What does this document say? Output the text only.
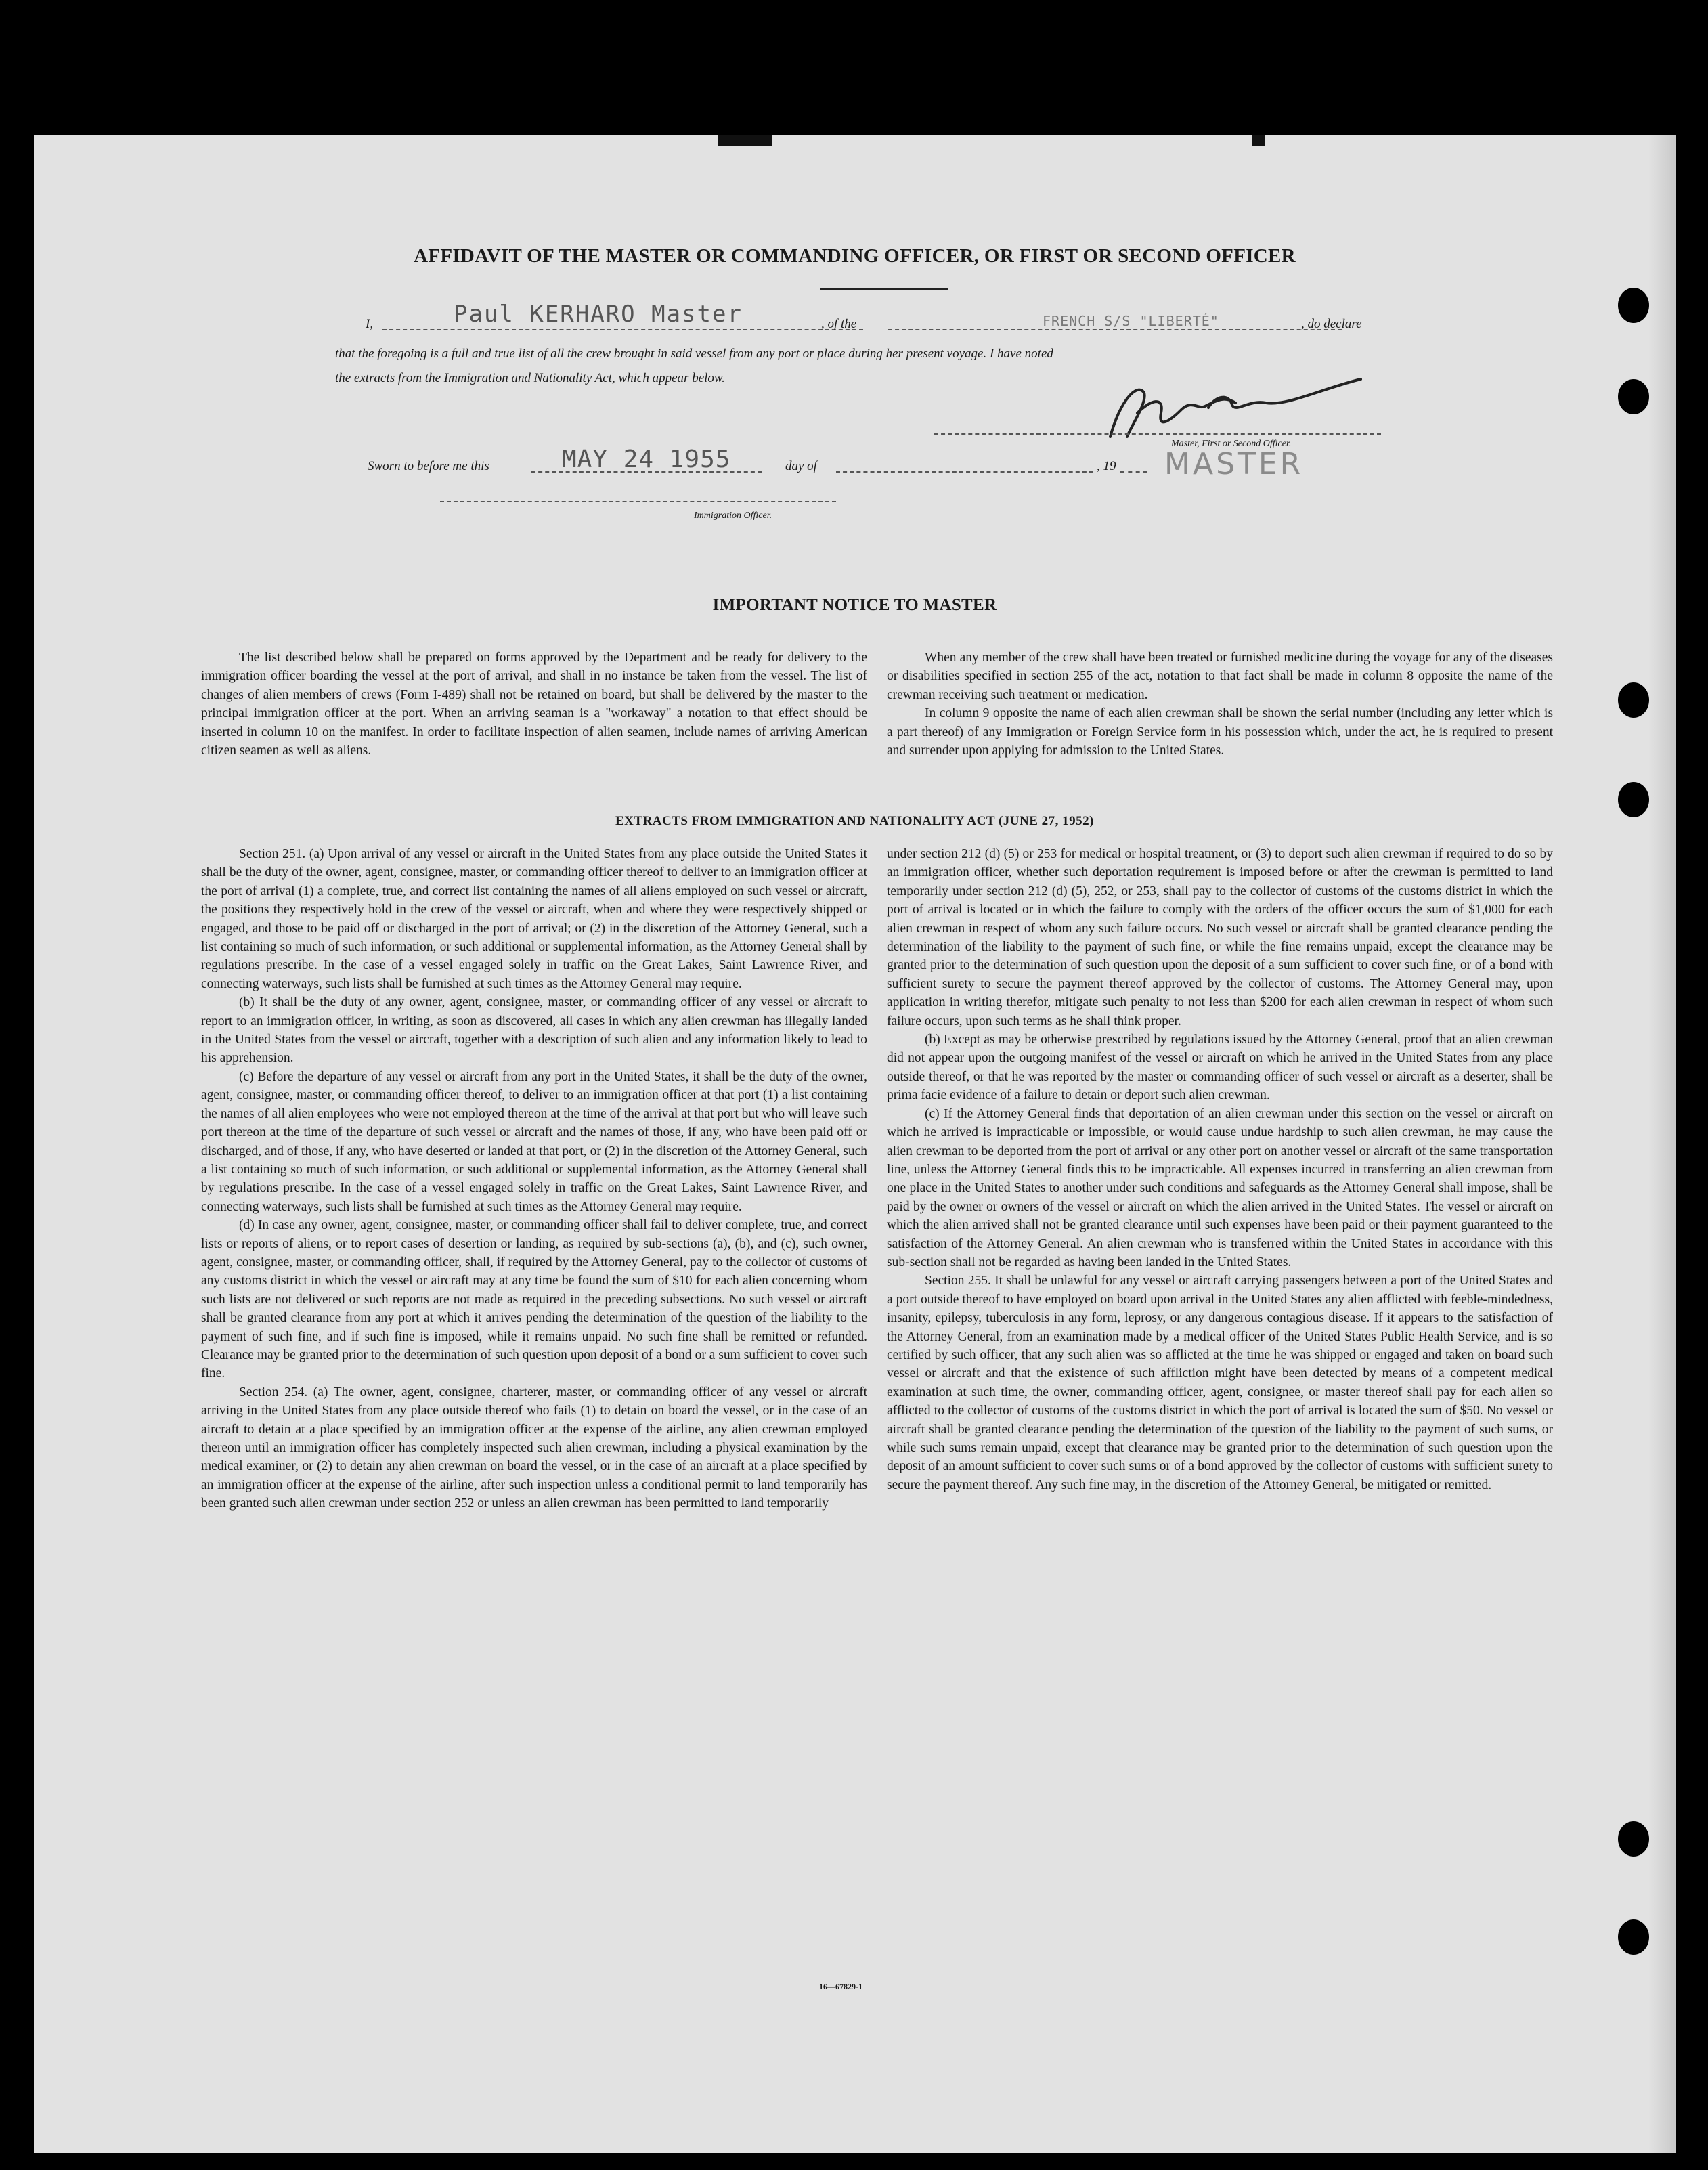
AFFIDAVIT OF THE MASTER OR COMMANDING OFFICER, OR FIRST OR SECOND OFFICER
I,	Paul KERHARO Master	, of the	FRENCH S/S "LIBERTÉ"	, do declare
that the foregoing is a full and true list of all the crew brought in said vessel from any port or place during her present voyage. I have noted
the extracts from the Immigration and Nationality Act, which appear below.
Master, First or Second Officer.
MASTER
Sworn to before me this	MAY 24 1955	day of	, 19
Immigration Officer.
IMPORTANT NOTICE TO MASTER

The list described below shall be prepared on forms approved by the Department and be ready for delivery to the immigration officer boarding the vessel at the port of arrival, and shall in no instance be taken from the vessel. The list of changes of alien members of crews (Form I-489) shall not be retained on board, but shall be delivered by the master to the principal immigration officer at the port. When an arriving seaman is a "workaway" a notation to that effect should be inserted in column 10 on the manifest. In order to facilitate inspection of alien seamen, include names of arriving American citizen seamen as well as aliens.

When any member of the crew shall have been treated or furnished medicine during the voyage for any of the diseases or disabilities specified in section 255 of the act, notation to that fact shall be made in column 8 opposite the name of the crewman receiving such treatment or medication.

In column 9 opposite the name of each alien crewman shall be shown the serial number (including any letter which is a part thereof) of any Immigration or Foreign Service form in his possession which, under the act, he is required to present and surrender upon applying for admission to the United States.

EXTRACTS FROM IMMIGRATION AND NATIONALITY ACT (JUNE 27, 1952)

Section 251. (a) Upon arrival of any vessel or aircraft in the United States from any place outside the United States it shall be the duty of the owner, agent, consignee, master, or commanding officer thereof to deliver to an immigration officer at the port of arrival (1) a complete, true, and correct list containing the names of all aliens employed on such vessel or aircraft, the positions they respectively hold in the crew of the vessel or aircraft, when and where they were respectively shipped or engaged, and those to be paid off or discharged in the port of arrival; or (2) in the discretion of the Attorney General, such a list containing so much of such information, or such additional or supplemental information, as the Attorney General shall by regulations prescribe. In the case of a vessel engaged solely in traffic on the Great Lakes, Saint Lawrence River, and connecting waterways, such lists shall be furnished at such times as the Attorney General may require.

(b) It shall be the duty of any owner, agent, consignee, master, or commanding officer of any vessel or aircraft to report to an immigration officer, in writing, as soon as discovered, all cases in which any alien crewman has illegally landed in the United States from the vessel or aircraft, together with a description of such alien and any information likely to lead to his apprehension.

(c) Before the departure of any vessel or aircraft from any port in the United States, it shall be the duty of the owner, agent, consignee, master, or commanding officer thereof, to deliver to an immigration officer at that port (1) a list containing the names of all alien employees who were not employed thereon at the time of the arrival at that port but who will leave such port thereon at the time of the departure of such vessel or aircraft and the names of those, if any, who have been paid off or discharged, and of those, if any, who have deserted or landed at that port, or (2) in the discretion of the Attorney General, such a list containing so much of such information, or such additional or supplemental information, as the Attorney General shall by regulations prescribe. In the case of a vessel engaged solely in traffic on the Great Lakes, Saint Lawrence River, and connecting waterways, such lists shall be furnished at such times as the Attorney General may require.

(d) In case any owner, agent, consignee, master, or commanding officer shall fail to deliver complete, true, and correct lists or reports of aliens, or to report cases of desertion or landing, as required by sub-sections (a), (b), and (c), such owner, agent, consignee, master, or commanding officer, shall, if required by the Attorney General, pay to the collector of customs of any customs district in which the vessel or aircraft may at any time be found the sum of $10 for each alien concerning whom such lists are not delivered or such reports are not made as required in the preceding subsections. No such vessel or aircraft shall be granted clearance from any port at which it arrives pending the determination of the question of the liability to the payment of such fine, and if such fine is imposed, while it remains unpaid. No such fine shall be remitted or refunded. Clearance may be granted prior to the determination of such question upon deposit of a bond or a sum sufficient to cover such fine.

Section 254. (a) The owner, agent, consignee, charterer, master, or commanding officer of any vessel or aircraft arriving in the United States from any place outside thereof who fails (1) to detain on board the vessel, or in the case of an aircraft to detain at a place specified by an immigration officer at the expense of the airline, any alien crewman employed thereon until an immigration officer has completely inspected such alien crewman, including a physical examination by the medical examiner, or (2) to detain any alien crewman on board the vessel, or in the case of an aircraft at a place specified by an immigration officer at the expense of the airline, after such inspection unless a conditional permit to land temporarily has been granted such alien crewman under section 252 or unless an alien crewman has been permitted to land temporarily

under section 212 (d) (5) or 253 for medical or hospital treatment, or (3) to deport such alien crewman if required to do so by an immigration officer, whether such deportation requirement is imposed before or after the crewman is permitted to land temporarily under section 212 (d) (5), 252, or 253, shall pay to the collector of customs of the customs district in which the port of arrival is located or in which the failure to comply with the orders of the officer occurs the sum of $1,000 for each alien crewman in respect of whom any such failure occurs. No such vessel or aircraft shall be granted clearance pending the determination of the liability to the payment of such fine, or while the fine remains unpaid, except the clearance may be granted prior to the determination of such question upon the deposit of a sum sufficient to cover such fine, or of a bond with sufficient surety to secure the payment thereof approved by the collector of customs. The Attorney General may, upon application in writing therefor, mitigate such penalty to not less than $200 for each alien crewman in respect of whom such failure occurs, upon such terms as he shall think proper.

(b) Except as may be otherwise prescribed by regulations issued by the Attorney General, proof that an alien crewman did not appear upon the outgoing manifest of the vessel or aircraft on which he arrived in the United States from any place outside thereof, or that he was reported by the master or commanding officer of such vessel or aircraft as a deserter, shall be prima facie evidence of a failure to detain or deport such alien crewman.

(c) If the Attorney General finds that deportation of an alien crewman under this section on the vessel or aircraft on which he arrived is impracticable or impossible, or would cause undue hardship to such alien crewman, he may cause the alien crewman to be deported from the port of arrival or any other port on another vessel or aircraft of the same transportation line, unless the Attorney General finds this to be impracticable. All expenses incurred in transferring an alien crewman from one place in the United States to another under such conditions and safeguards as the Attorney General shall impose, shall be paid by the owner or owners of the vessel or aircraft on which the alien arrived in the United States. The vessel or aircraft on which the alien arrived shall not be granted clearance until such expenses have been paid or their payment guaranteed to the satisfaction of the Attorney General. An alien crewman who is transferred within the United States in accordance with this sub-section shall not be regarded as having been landed in the United States.

Section 255. It shall be unlawful for any vessel or aircraft carrying passengers between a port of the United States and a port outside thereof to have employed on board upon arrival in the United States any alien afflicted with feeble-mindedness, insanity, epilepsy, tuberculosis in any form, leprosy, or any dangerous contagious disease. If it appears to the satisfaction of the Attorney General, from an examination made by a medical officer of the United States Public Health Service, and is so certified by such officer, that any such alien was so afflicted at the time he was shipped or engaged and taken on board such vessel or aircraft and that the existence of such affliction might have been detected by means of a competent medical examination at such time, the owner, commanding officer, agent, consignee, or master thereof shall pay for each alien so afflicted to the collector of customs of the customs district in which the port of arrival is located the sum of $50. No vessel or aircraft shall be granted clearance pending the determination of the question of the liability to the payment of such sums, or while such sums remain unpaid, except that clearance may be granted prior to the determination of such question upon the deposit of an amount sufficient to cover such sums or of a bond approved by the collector of customs with sufficient surety to secure the payment thereof. Any such fine may, in the discretion of the Attorney General, be mitigated or remitted.

16—67829-1
